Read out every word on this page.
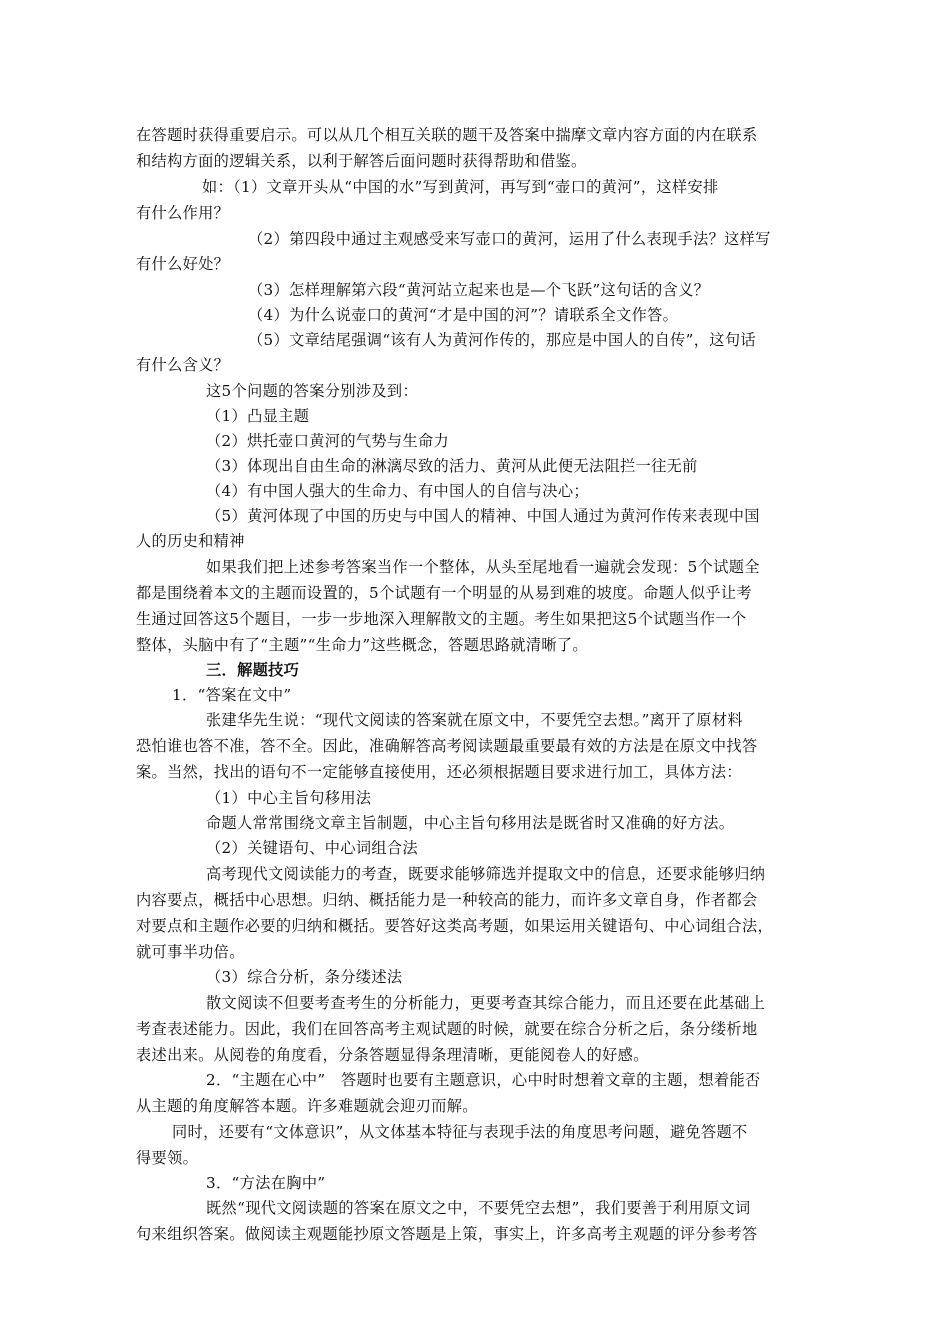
在答题时获得重要启示。可以从几个相互关联的题干及答案中揣摩文章内容方面的内在联系
和结构方面的逻辑关系，以利于解答后面问题时获得帮助和借鉴。
如：（1）文章开头从“中国的水”写到黄河，再写到“壶口的黄河”，这样安排
有什么作用？
（2）第四段中通过主观感受来写壶口的黄河，运用了什么表现手法？这样写
有什么好处？
（3）怎样理解第六段“黄河站立起来也是—个飞跃”这句话的含义？
（4）为什么说壶口的黄河“才是中国的河”？请联系全文作答。
（5）文章结尾强调“该有人为黄河作传的，那应是中国人的自传”，这句话
有什么含义？
这5个问题的答案分别涉及到：
（1）凸显主题
（2）烘托壶口黄河的气势与生命力
（3）体现出自由生命的淋漓尽致的活力、黄河从此便无法阻拦一往无前
（4）有中国人强大的生命力、有中国人的自信与决心；
（5）黄河体现了中国的历史与中国人的精神、中国人通过为黄河作传来表现中国
人的历史和精神
如果我们把上述参考答案当作一个整体，从头至尾地看一遍就会发现：5个试题全
都是围绕着本文的主题而设置的，5个试题有一个明显的从易到难的坡度。命题人似乎让考
生通过回答这5个题目，一步一步地深入理解散文的主题。考生如果把这5个试题当作一个
整体，头脑中有了“主题”“生命力”这些概念，答题思路就清晰了。
三．解题技巧
1．“答案在文中”
张建华先生说：“现代文阅读的答案就在原文中，不要凭空去想。”离开了原材料
恐怕谁也答不准，答不全。因此，准确解答高考阅读题最重要最有效的方法是在原文中找答
案。当然，找出的语句不一定能够直接使用，还必须根据题目要求进行加工，具体方法：
（1）中心主旨句移用法
命题人常常围绕文章主旨制题，中心主旨句移用法是既省时又准确的好方法。
（2）关键语句、中心词组合法
高考现代文阅读能力的考查，既要求能够筛选并提取文中的信息，还要求能够归纳
内容要点，概括中心思想。归纳、概括能力是一种较高的能力，而许多文章自身，作者都会
对要点和主题作必要的归纳和概括。要答好这类高考题，如果运用关键语句、中心词组合法，
就可事半功倍。
（3）综合分析，条分缕述法
散文阅读不但要考查考生的分析能力，更要考查其综合能力，而且还要在此基础上
考查表述能力。因此，我们在回答高考主观试题的时候，就要在综合分析之后，条分缕析地
表述出来。从阅卷的角度看，分条答题显得条理清晰，更能阅卷人的好感。
2．“主题在心中”　答题时也要有主题意识，心中时时想着文章的主题，想着能否
从主题的角度解答本题。许多难题就会迎刃而解。
同时，还要有“文体意识”，从文体基本特征与表现手法的角度思考问题，避免答题不
得要领。
3．“方法在胸中”
既然“现代文阅读题的答案在原文之中，不要凭空去想”，我们要善于利用原文词
句来组织答案。做阅读主观题能抄原文答题是上策，事实上，许多高考主观题的评分参考答
